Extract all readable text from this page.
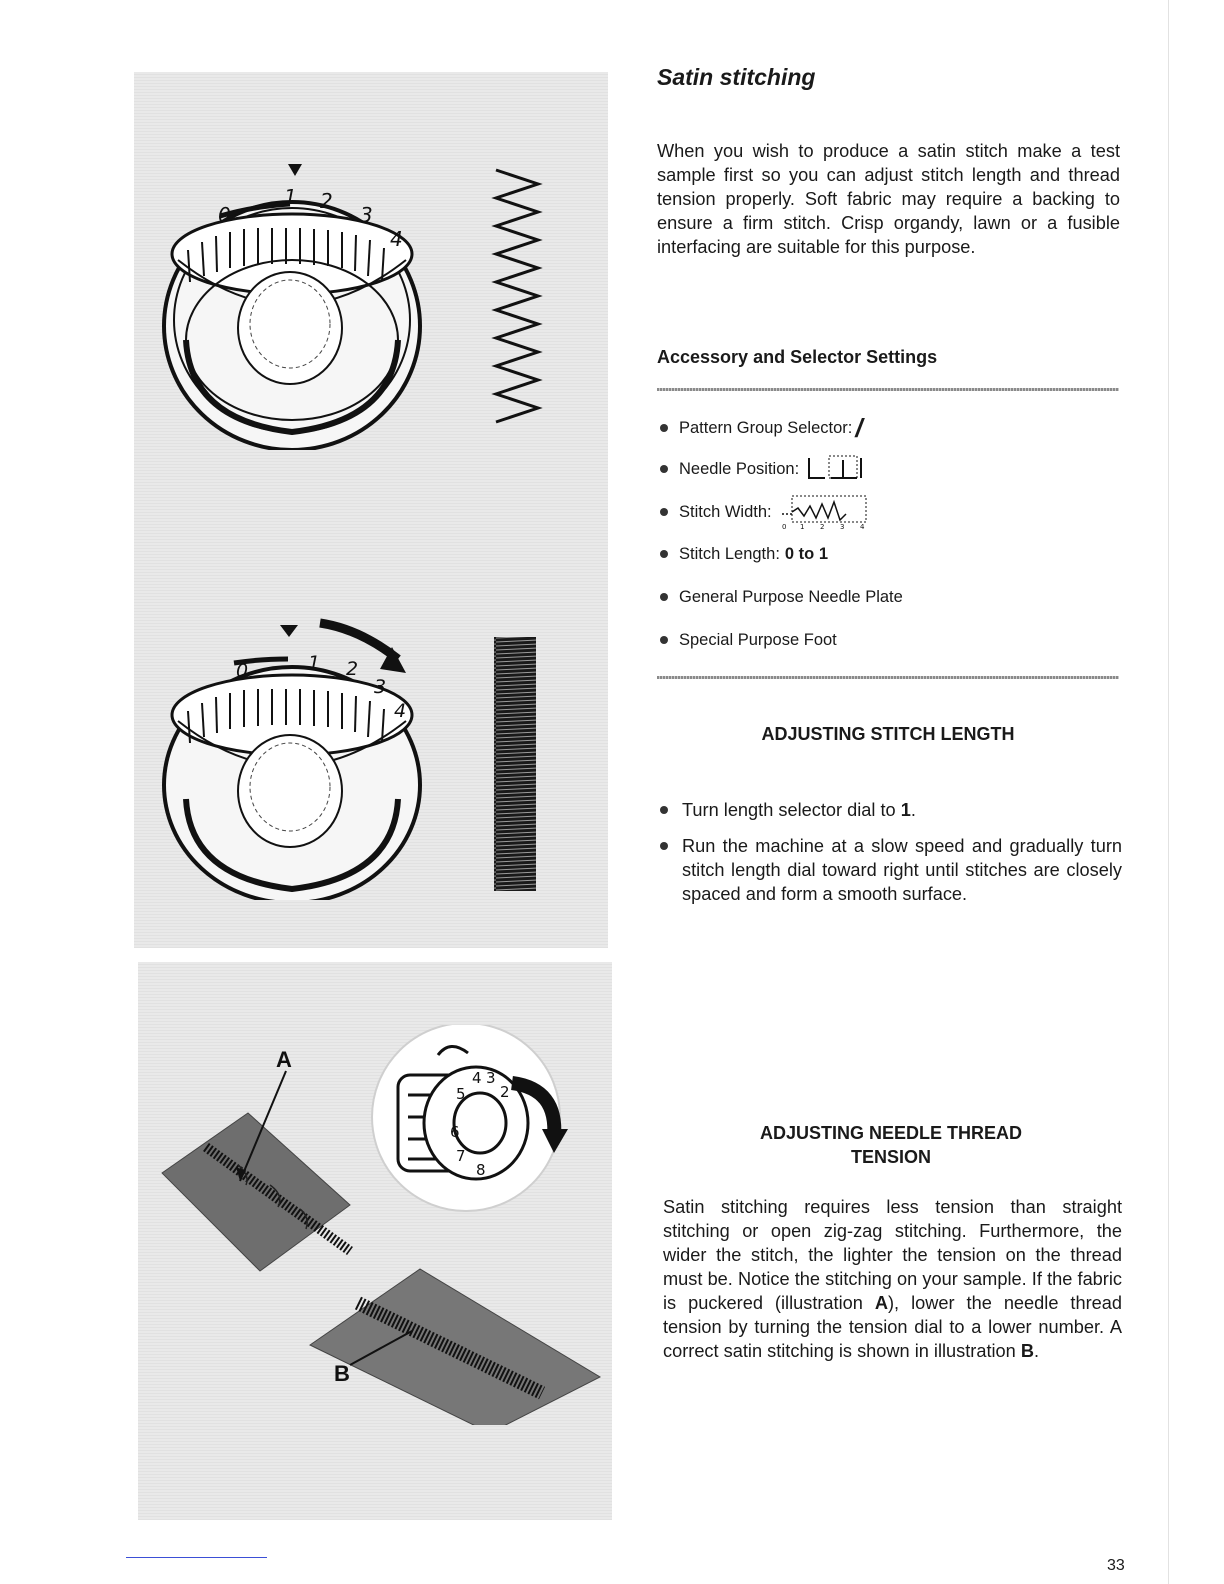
0
1 2
3
4
0	1 2
3
4
2
3
4
5
6
7
8
A
B
Satin stitching

When you wish to produce a satin stitch make a test sample first so you can adjust stitch length and thread tension properly. Soft fabric may require a backing to ensure a firm stitch. Crisp organdy, lawn or a fusible interfacing are suitable for this purpose.

Accessory and Selector Settings
Pattern Group Selector: /
Needle Position:
Stitch Width:
0 1 2 3 4
Stitch Length: 0 to 1
General Purpose Needle Plate
Special Purpose Foot
ADJUSTING STITCH LENGTH
Turn length selector dial to 1.
Run the machine at a slow speed and gradually turn stitch length dial toward right until stitches are closely spaced and form a smooth surface.
ADJUSTING NEEDLE THREAD
TENSION

Satin stitching requires less tension than straight stitching or open zig-zag stitching. Furthermore, the wider the stitch, the lighter the tension on the thread must be. Notice the stitching on your sample. If the fabric is puckered (illustration A), lower the needle thread tension by turning the tension dial to a lower number. A correct satin stitching is shown in illustration B.

33
